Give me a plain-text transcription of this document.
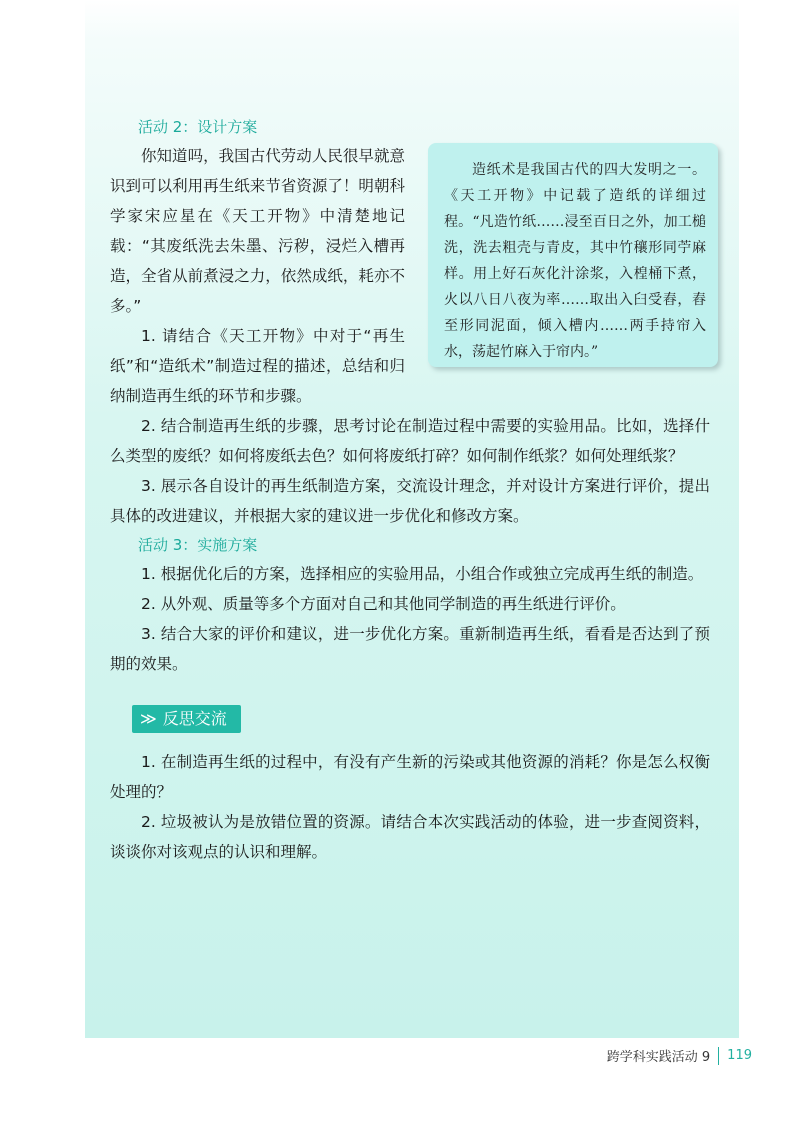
造纸术是我国古代的四大发明之一。《天工开物》中记载了造纸的详细过程。“凡造竹纸……浸至百日之外，加工槌洗，洗去粗壳与青皮，其中竹穰形同苧麻样。用上好石灰化汁涂浆，入楻桶下煮，火以八日八夜为率……取出入臼受舂，舂至形同泥面，倾入槽内……两手持帘入水，荡起竹麻入于帘内。”

活动 2：设计方案

你知道吗，我国古代劳动人民很早就意识到可以利用再生纸来节省资源了！明朝科学家宋应星在《天工开物》中清楚地记载：“其废纸洗去朱墨、污秽，浸烂入槽再造，全省从前煮浸之力，依然成纸，耗亦不多。”

1. 请结合《天工开物》中对于“再生纸”和“造纸术”制造过程的描述，总结和归纳制造再生纸的环节和步骤。

2. 结合制造再生纸的步骤，思考讨论在制造过程中需要的实验用品。比如，选择什么类型的废纸？如何将废纸去色？如何将废纸打碎？如何制作纸浆？如何处理纸浆？

3. 展示各自设计的再生纸制造方案，交流设计理念，并对设计方案进行评价，提出具体的改进建议，并根据大家的建议进一步优化和修改方案。

活动 3：实施方案

1. 根据优化后的方案，选择相应的实验用品，小组合作或独立完成再生纸的制造。

2. 从外观、质量等多个方面对自己和其他同学制造的再生纸进行评价。

3. 结合大家的评价和建议，进一步优化方案。重新制造再生纸，看看是否达到了预期的效果。

≫ 反思交流

1. 在制造再生纸的过程中，有没有产生新的污染或其他资源的消耗？你是怎么权衡处理的？

2. 垃圾被认为是放错位置的资源。请结合本次实践活动的体验，进一步查阅资料，谈谈你对该观点的认识和理解。

跨学科实践活动 9 119
